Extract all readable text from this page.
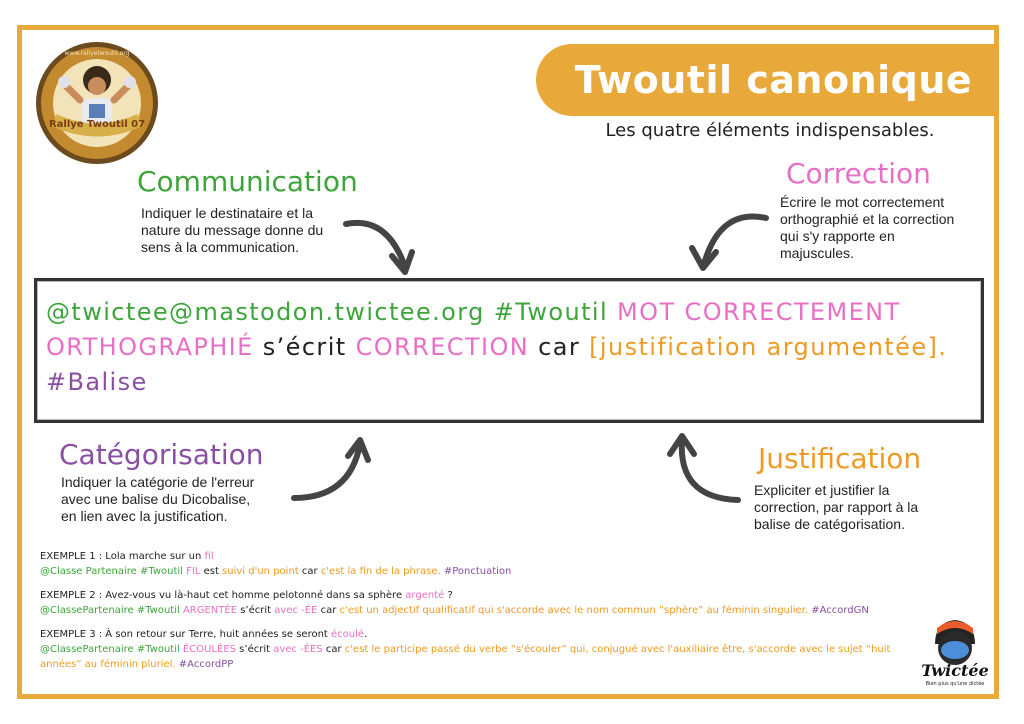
Twoutil canonique
Les quatre éléments indispensables.
Rallye Twoutil 07
www.rallyetwoutil.org
Communication
Indiquer le destinataire et la
nature du message donne du
sens à la communication.
Correction
Écrire le mot correctement
orthographié et la correction
qui s'y rapporte en
majuscules.
Catégorisation
Indiquer la catégorie de l'erreur
avec une balise du Dicobalise,
en lien avec la justification.
Justification
Expliciter et justifier la
correction, par rapport à la
balise de catégorisation.
@twictee@mastodon.twictee.org #Twoutil MOT CORRECTEMENT ORTHOGRAPHIÉ s’écrit CORRECTION car [justification argumentée]. #Balise
EXEMPLE 1 : Lola marche sur un fil
@Classe Partenaire #Twoutil FIL est suivi d'un point car c'est la fin de la phrase. #Ponctuation
EXEMPLE 2 : Avez-vous vu là-haut cet homme pelotonné dans sa sphère argenté ?
@ClassePartenaire #Twoutil ARGENTÉE s’écrit avec -ÉE car c'est un adjectif qualificatif qui s'accorde avec le nom commun “sphère” au féminin singulier. #AccordGN
EXEMPLE 3 : À son retour sur Terre, huit années se seront écoulé.
@ClassePartenaire #Twoutil ÉCOULÉES s’écrit avec -ÉES car c'est le participe passé du verbe “s'écouler” qui, conjugué avec l'auxiliaire être, s'accorde avec le sujet “huit années” au féminin pluriel. #AccordPP	Twictée
Bien plus qu'une dictée
